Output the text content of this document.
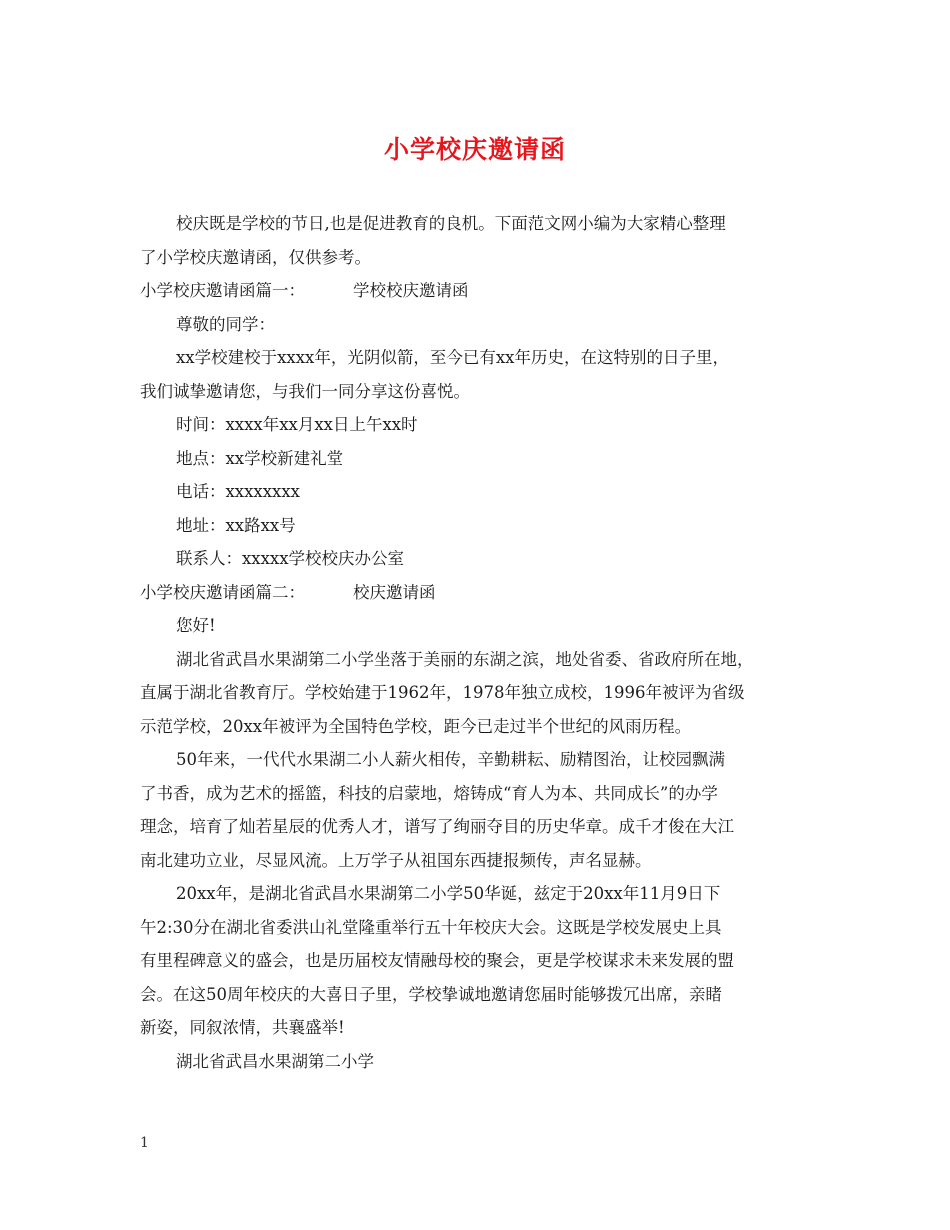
小学校庆邀请函
校庆既是学校的节日,也是促进教育的良机。下面范文网小编为大家精心整理
了小学校庆邀请函，仅供参考。
小学校庆邀请函篇一：	学校校庆邀请函
尊敬的同学：
xx学校建校于xxxx年，光阴似箭，至今已有xx年历史，在这特别的日子里，
我们诚挚邀请您，与我们一同分享这份喜悦。
时间：xxxx年xx月xx日上午xx时
地点：xx学校新建礼堂
电话：xxxxxxxx
地址：xx路xx号
联系人：xxxxx学校校庆办公室
小学校庆邀请函篇二：	校庆邀请函
您好!
湖北省武昌水果湖第二小学坐落于美丽的东湖之滨，地处省委、省政府所在地，
直属于湖北省教育厅。学校始建于1962年，1978年独立成校，1996年被评为省级
示范学校，20xx年被评为全国特色学校，距今已走过半个世纪的风雨历程。
50年来，一代代水果湖二小人薪火相传，辛勤耕耘、励精图治，让校园飘满
了书香，成为艺术的摇篮，科技的启蒙地，熔铸成“育人为本、共同成长”的办学
理念，培育了灿若星辰的优秀人才，谱写了绚丽夺目的历史华章。成千才俊在大江
南北建功立业，尽显风流。上万学子从祖国东西捷报频传，声名显赫。
20xx年，是湖北省武昌水果湖第二小学50华诞，兹定于20xx年11月9日下
午2:30分在湖北省委洪山礼堂隆重举行五十年校庆大会。这既是学校发展史上具
有里程碑意义的盛会，也是历届校友情融母校的聚会，更是学校谋求未来发展的盟
会。在这50周年校庆的大喜日子里，学校挚诚地邀请您届时能够拨冗出席，亲睹
新姿，同叙浓情，共襄盛举!
湖北省武昌水果湖第二小学
1
